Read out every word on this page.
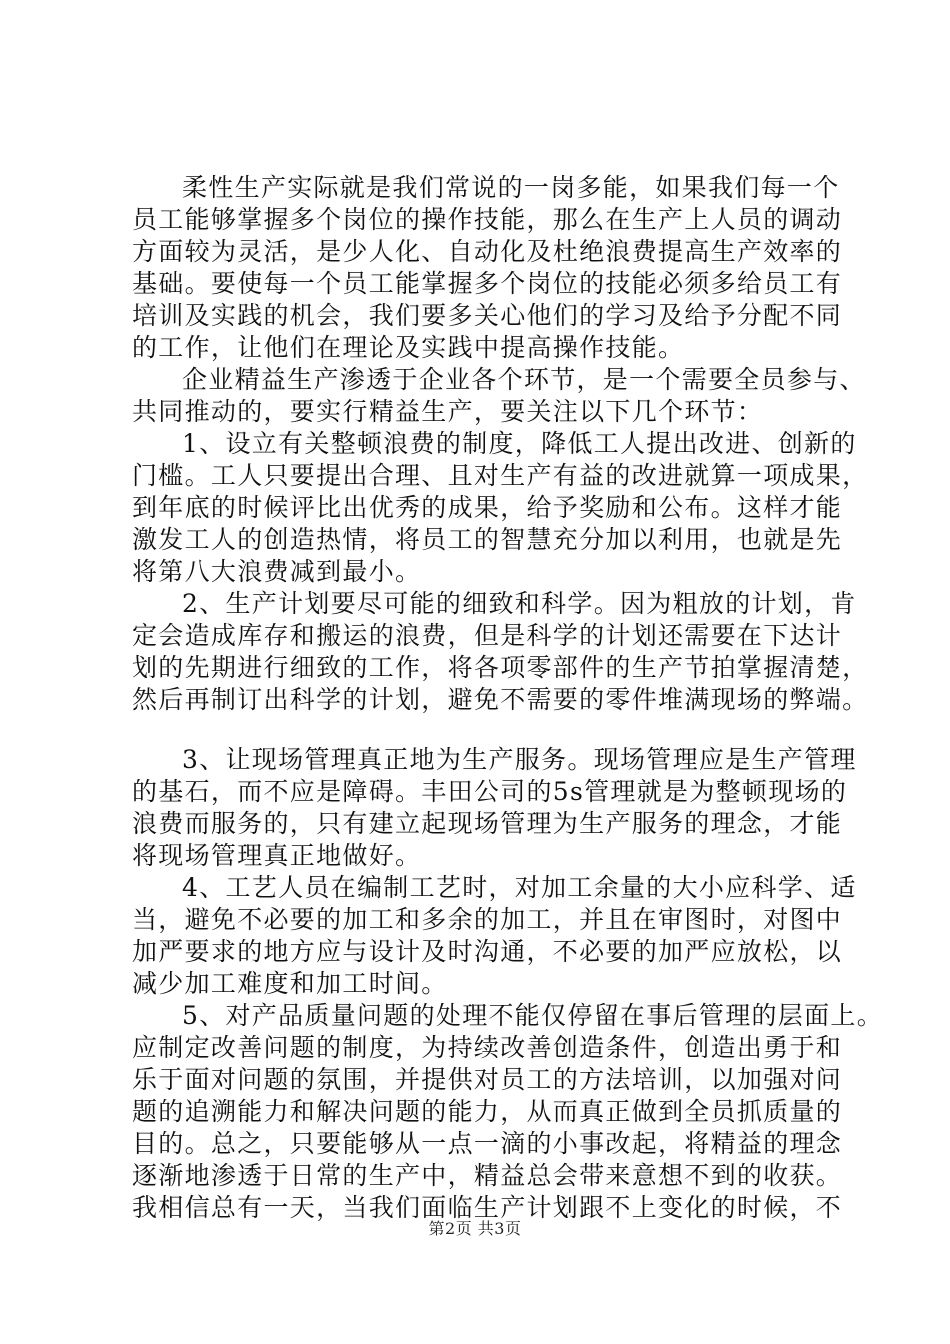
柔性生产实际就是我们常说的一岗多能，如果我们每一个
员工能够掌握多个岗位的操作技能，那么在生产上人员的调动
方面较为灵活，是少人化、自动化及杜绝浪费提高生产效率的
基础。要使每一个员工能掌握多个岗位的技能必须多给员工有
培训及实践的机会，我们要多关心他们的学习及给予分配不同
的工作，让他们在理论及实践中提高操作技能。
企业精益生产渗透于企业各个环节，是一个需要全员参与、
共同推动的，要实行精益生产，要关注以下几个环节：
1、设立有关整顿浪费的制度，降低工人提出改进、创新的
门槛。工人只要提出合理、且对生产有益的改进就算一项成果，
到年底的时候评比出优秀的成果，给予奖励和公布。这样才能
激发工人的创造热情，将员工的智慧充分加以利用，也就是先
将第八大浪费减到最小。
2、生产计划要尽可能的细致和科学。因为粗放的计划，肯
定会造成库存和搬运的浪费，但是科学的计划还需要在下达计
划的先期进行细致的工作，将各项零部件的生产节拍掌握清楚，
然后再制订出科学的计划，避免不需要的零件堆满现场的弊端。
3、让现场管理真正地为生产服务。现场管理应是生产管理
的基石，而不应是障碍。丰田公司的5s管理就是为整顿现场的
浪费而服务的，只有建立起现场管理为生产服务的理念，才能
将现场管理真正地做好。
4、工艺人员在编制工艺时，对加工余量的大小应科学、适
当，避免不必要的加工和多余的加工，并且在审图时，对图中
加严要求的地方应与设计及时沟通，不必要的加严应放松，以
减少加工难度和加工时间。
5、对产品质量问题的处理不能仅停留在事后管理的层面上。
应制定改善问题的制度，为持续改善创造条件，创造出勇于和
乐于面对问题的氛围，并提供对员工的方法培训，以加强对问
题的追溯能力和解决问题的能力，从而真正做到全员抓质量的
目的。总之，只要能够从一点一滴的小事改起，将精益的理念
逐渐地渗透于日常的生产中，精益总会带来意想不到的收获。
我相信总有一天，当我们面临生产计划跟不上变化的时候，不
第2页 共3页
